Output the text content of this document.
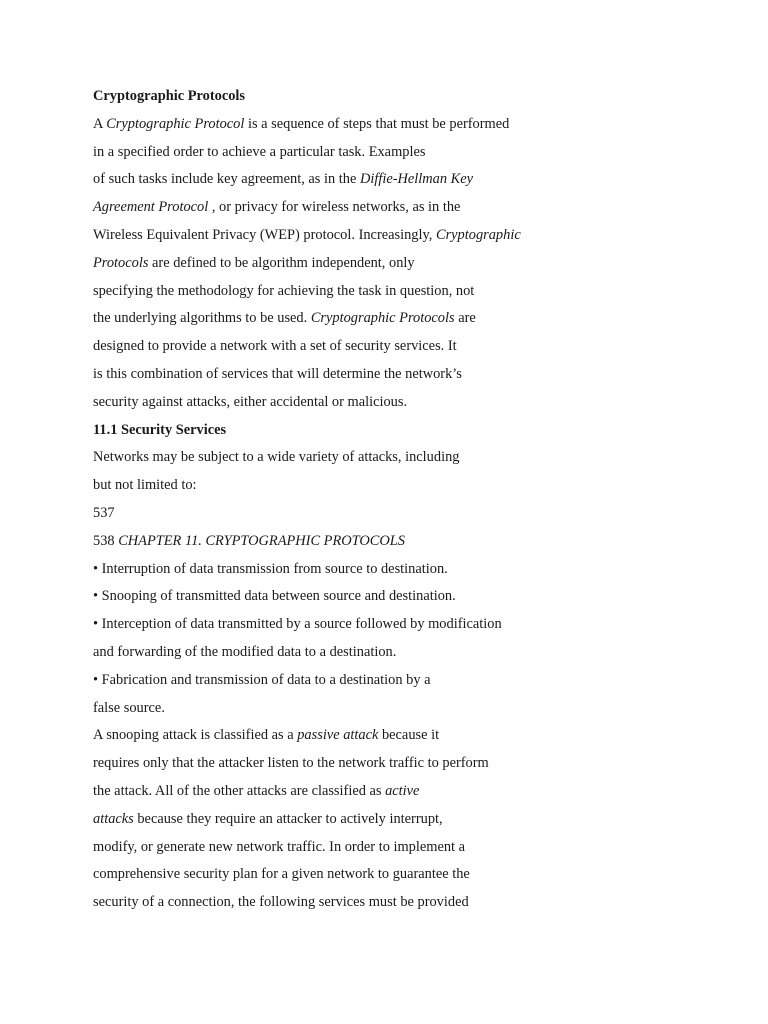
Cryptographic Protocols
A Cryptographic Protocol is a sequence of steps that must be performed
in a specified order to achieve a particular task. Examples
of such tasks include key agreement, as in the Diffie-Hellman Key
Agreement Protocol , or privacy for wireless networks, as in the
Wireless Equivalent Privacy (WEP) protocol. Increasingly, Cryptographic
Protocols are defined to be algorithm independent, only
specifying the methodology for achieving the task in question, not
the underlying algorithms to be used. Cryptographic Protocols are
designed to provide a network with a set of security services. It
is this combination of services that will determine the network’s
security against attacks, either accidental or malicious.
11.1 Security Services
Networks may be subject to a wide variety of attacks, including
but not limited to:
537
538 CHAPTER 11. CRYPTOGRAPHIC PROTOCOLS
• Interruption of data transmission from source to destination.
• Snooping of transmitted data between source and destination.
• Interception of data transmitted by a source followed by modification
and forwarding of the modified data to a destination.
• Fabrication and transmission of data to a destination by a
false source.
A snooping attack is classified as a passive attack because it
requires only that the attacker listen to the network traffic to perform
the attack. All of the other attacks are classified as active
attacks because they require an attacker to actively interrupt,
modify, or generate new network traffic. In order to implement a
comprehensive security plan for a given network to guarantee the
security of a connection, the following services must be provided
